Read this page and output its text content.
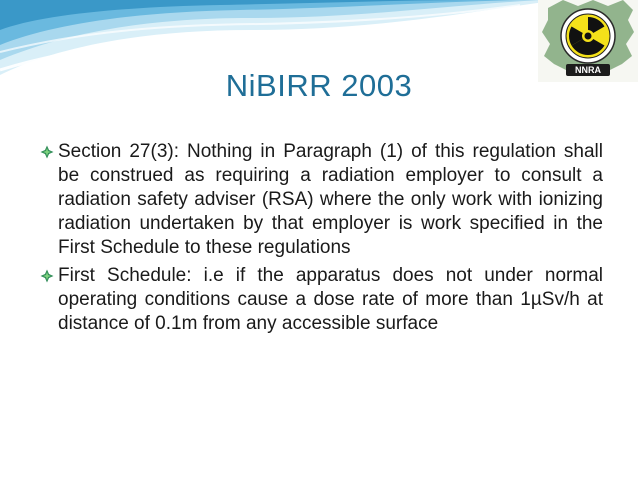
NNRA
NiBIRR 2003
Section 27(3): Nothing in Paragraph (1) of this regulation shall be construed as requiring a radiation employer to consult a radiation safety adviser (RSA) where the only work with ionizing radiation undertaken by that employer is work specified in the First Schedule to these regulations
First Schedule: i.e if the apparatus does not under normal operating conditions cause a dose rate of more than 1µSv/h at distance of 0.1m from any accessible surface
